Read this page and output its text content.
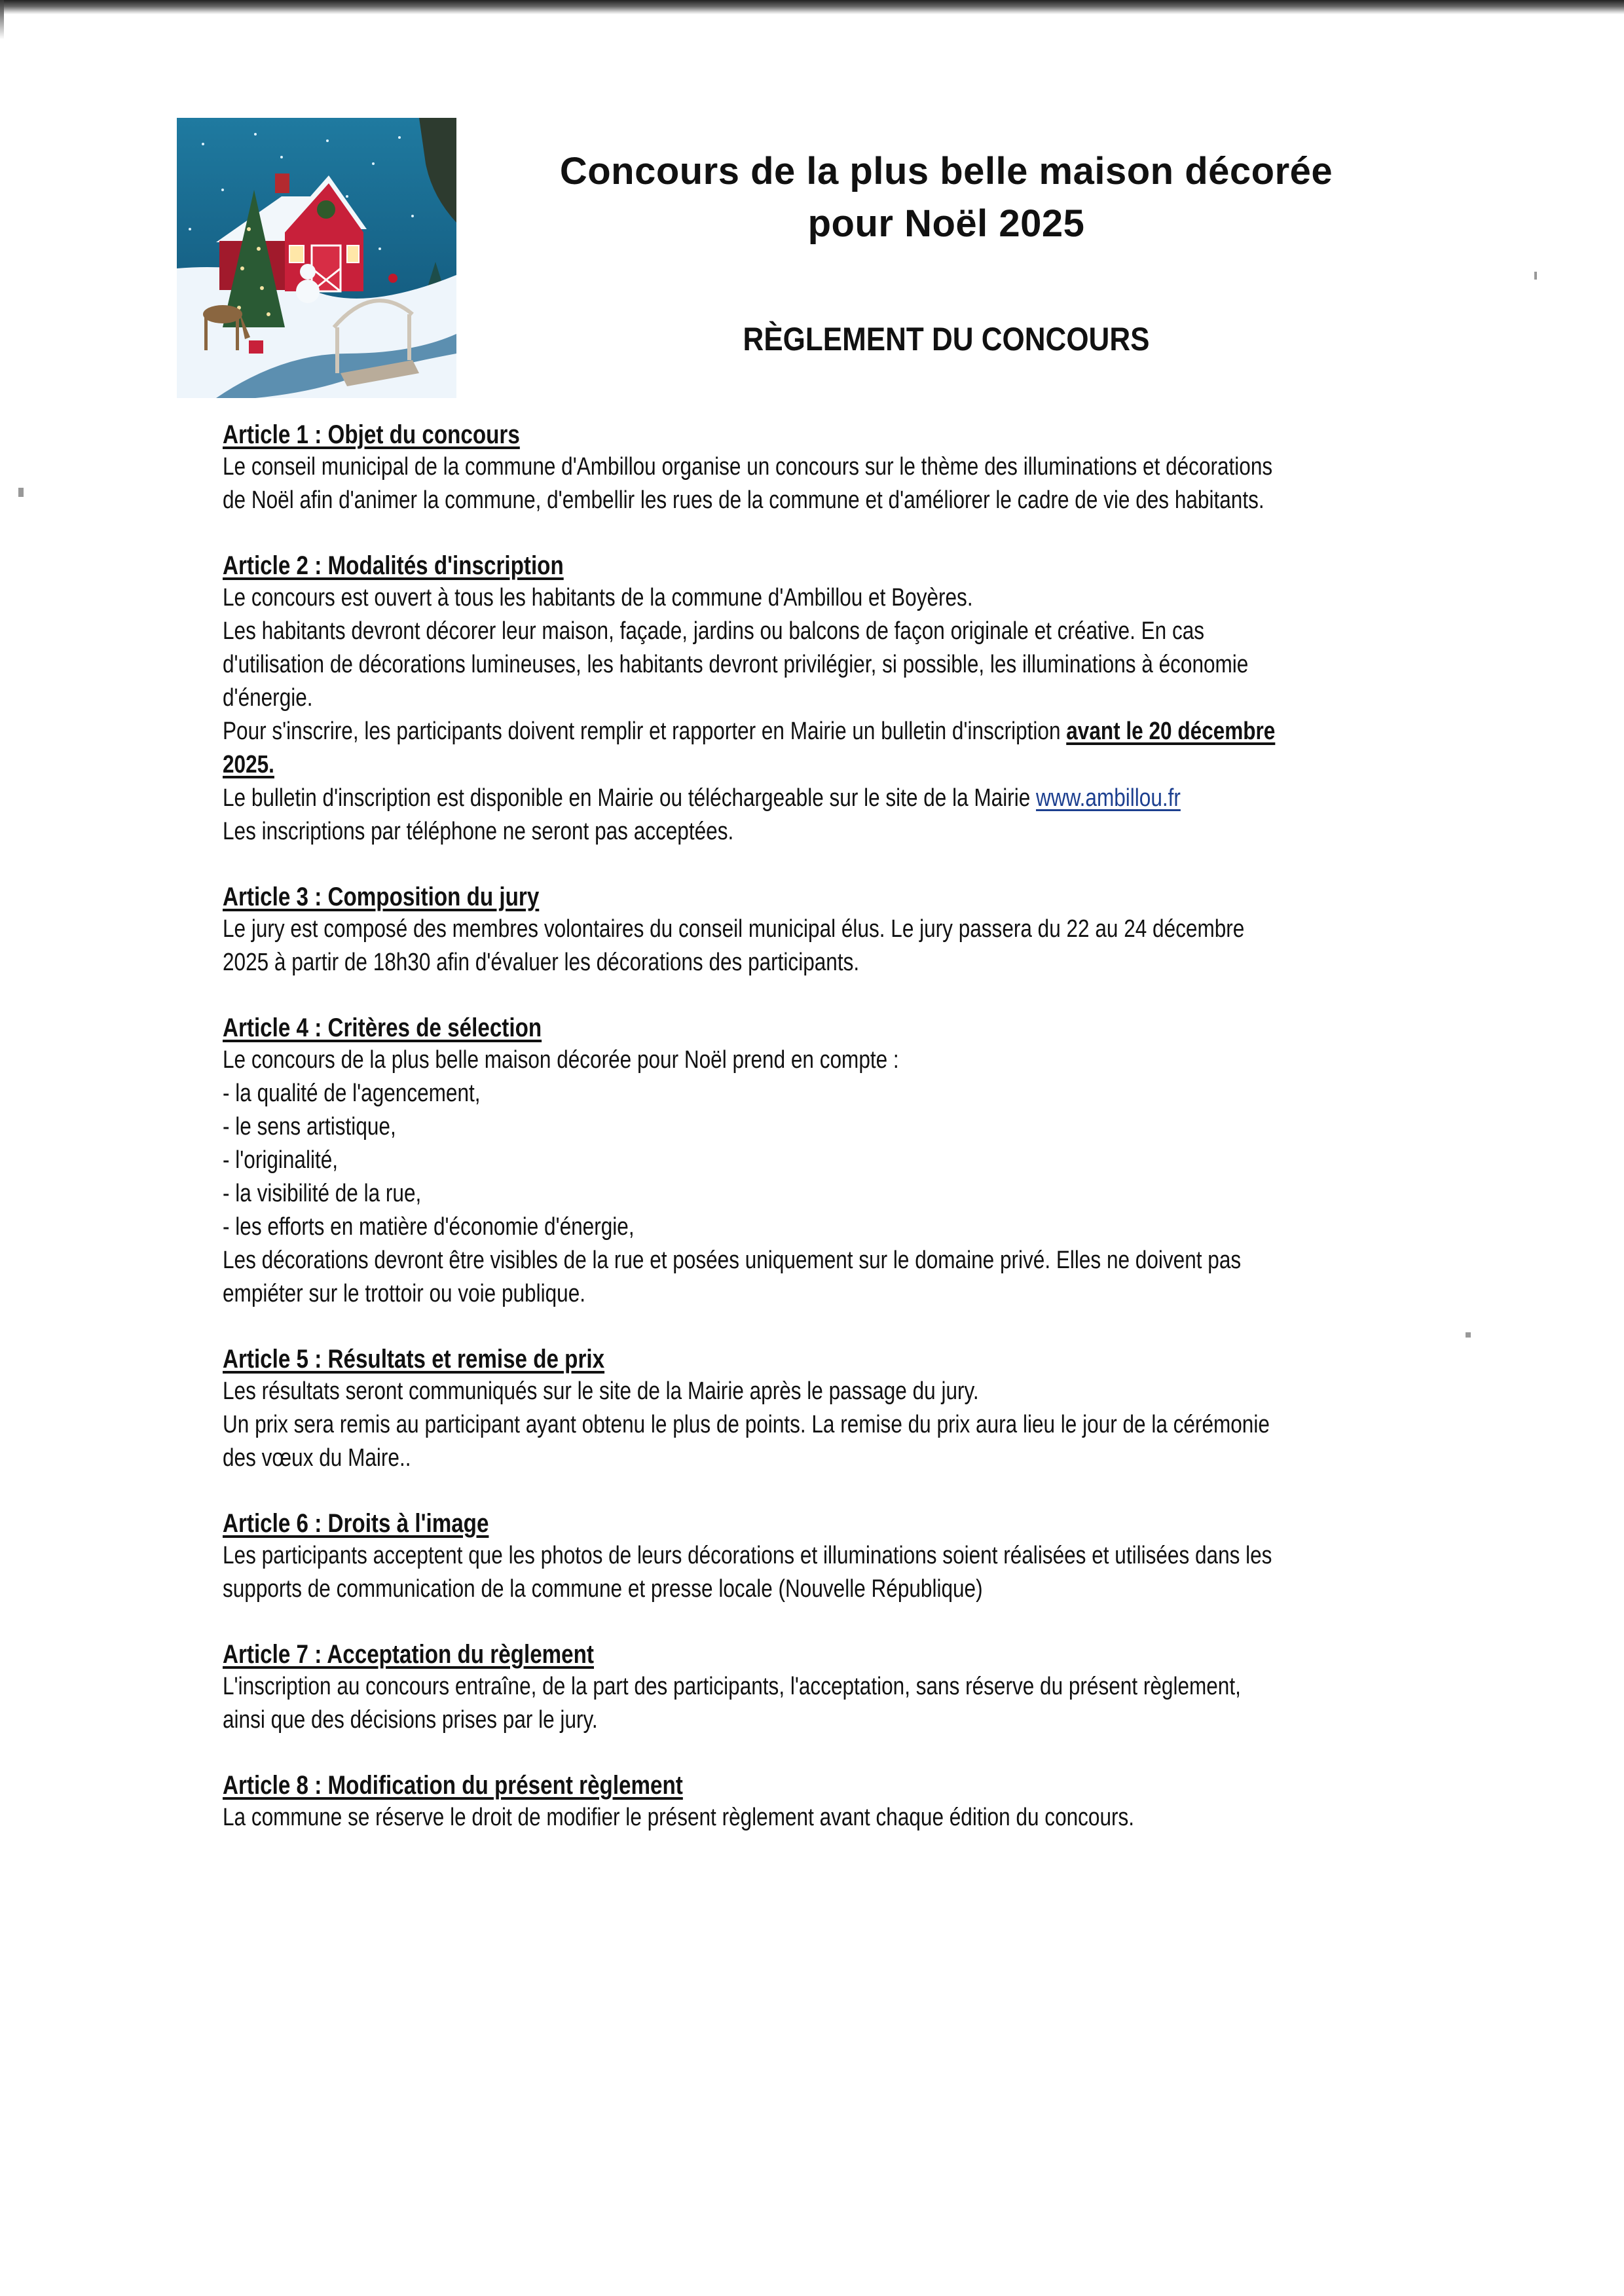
Concours de la plus belle maison décorée
pour Noël 2025
RÈGLEMENT DU CONCOURS
Article 1 : Objet du concours
Le conseil municipal de la commune d'Ambillou organise un concours sur le thème des illuminations et décorations
de Noël afin d'animer la commune, d'embellir les rues de la commune et d'améliorer le cadre de vie des habitants.
Article 2 : Modalités d'inscription
Le concours est ouvert à tous les habitants de la commune d'Ambillou et Boyères.
Les habitants devront décorer leur maison, façade, jardins ou balcons de façon originale et créative. En cas
d'utilisation de décorations lumineuses, les habitants devront privilégier, si possible, les illuminations à économie
d'énergie.
Pour s'inscrire, les participants doivent remplir et rapporter en Mairie un bulletin d'inscription avant le 20 décembre
2025.
Le bulletin d'inscription est disponible en Mairie ou téléchargeable sur le site de la Mairie www.ambillou.fr
Les inscriptions par téléphone ne seront pas acceptées.
Article 3 : Composition du jury
Le jury est composé des membres volontaires du conseil municipal élus. Le jury passera du 22 au 24 décembre
2025 à partir de 18h30 afin d'évaluer les décorations des participants.
Article 4 : Critères de sélection
Le concours de la plus belle maison décorée pour Noël prend en compte :
- la qualité de l'agencement,
- le sens artistique,
- l'originalité,
- la visibilité de la rue,
- les efforts en matière d'économie d'énergie,
Les décorations devront être visibles de la rue et posées uniquement sur le domaine privé. Elles ne doivent pas
empiéter sur le trottoir ou voie publique.
Article 5 : Résultats et remise de prix
Les résultats seront communiqués sur le site de la Mairie après le passage du jury.
Un prix sera remis au participant ayant obtenu le plus de points. La remise du prix aura lieu le jour de la cérémonie
des vœux du Maire..
Article 6 : Droits à l'image
Les participants acceptent que les photos de leurs décorations et illuminations soient réalisées et utilisées dans les
supports de communication de la commune et presse locale (Nouvelle République)
Article 7 : Acceptation du règlement
L'inscription au concours entraîne, de la part des participants, l'acceptation, sans réserve du présent règlement,
ainsi que des décisions prises par le jury.
Article 8 : Modification du présent règlement
La commune se réserve le droit de modifier le présent règlement avant chaque édition du concours.
